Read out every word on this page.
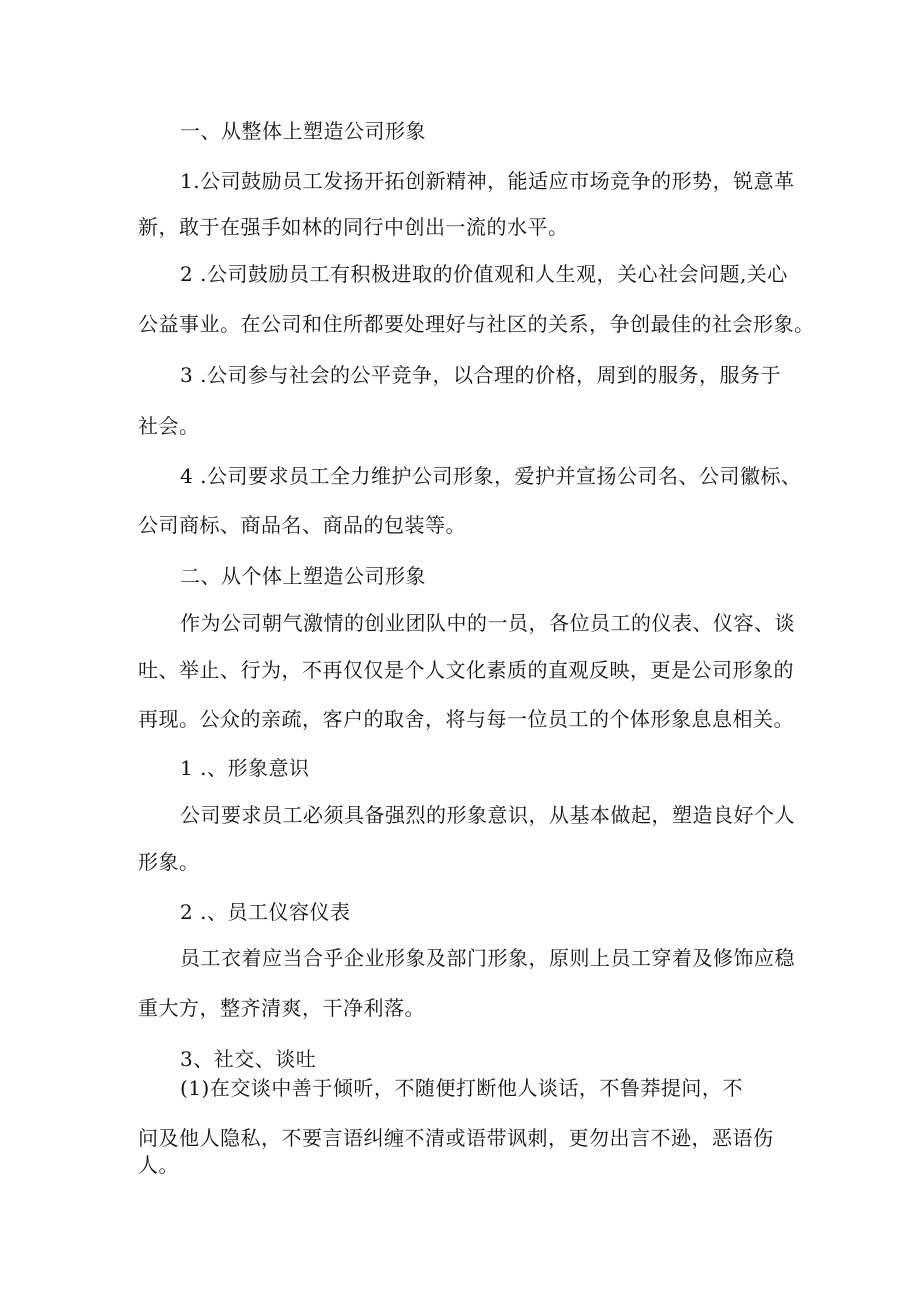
一、从整体上塑造公司形象
1.公司鼓励员工发扬开拓创新精神，能适应市场竞争的形势，锐意革
新，敢于在强手如林的同行中创出一流的水平。
2 .公司鼓励员工有积极进取的价值观和人生观，关心社会问题,关心
公益事业。在公司和住所都要处理好与社区的关系，争创最佳的社会形象。
3 .公司参与社会的公平竞争，以合理的价格，周到的服务，服务于
社会。
4 .公司要求员工全力维护公司形象，爱护并宣扬公司名、公司徽标、
公司商标、商品名、商品的包装等。
二、从个体上塑造公司形象
作为公司朝气激情的创业团队中的一员，各位员工的仪表、仪容、谈
吐、举止、行为，不再仅仅是个人文化素质的直观反映，更是公司形象的
再现。公众的亲疏，客户的取舍，将与每一位员工的个体形象息息相关。
1 .、形象意识
公司要求员工必须具备强烈的形象意识，从基本做起，塑造良好个人
形象。
2 .、员工仪容仪表
员工衣着应当合乎企业形象及部门形象，原则上员工穿着及修饰应稳
重大方，整齐清爽，干净利落。
3、社交、谈吐
(1)在交谈中善于倾听，不随便打断他人谈话，不鲁莽提问，不
问及他人隐私，不要言语纠缠不清或语带讽刺，更勿出言不逊，恶语伤
人。
